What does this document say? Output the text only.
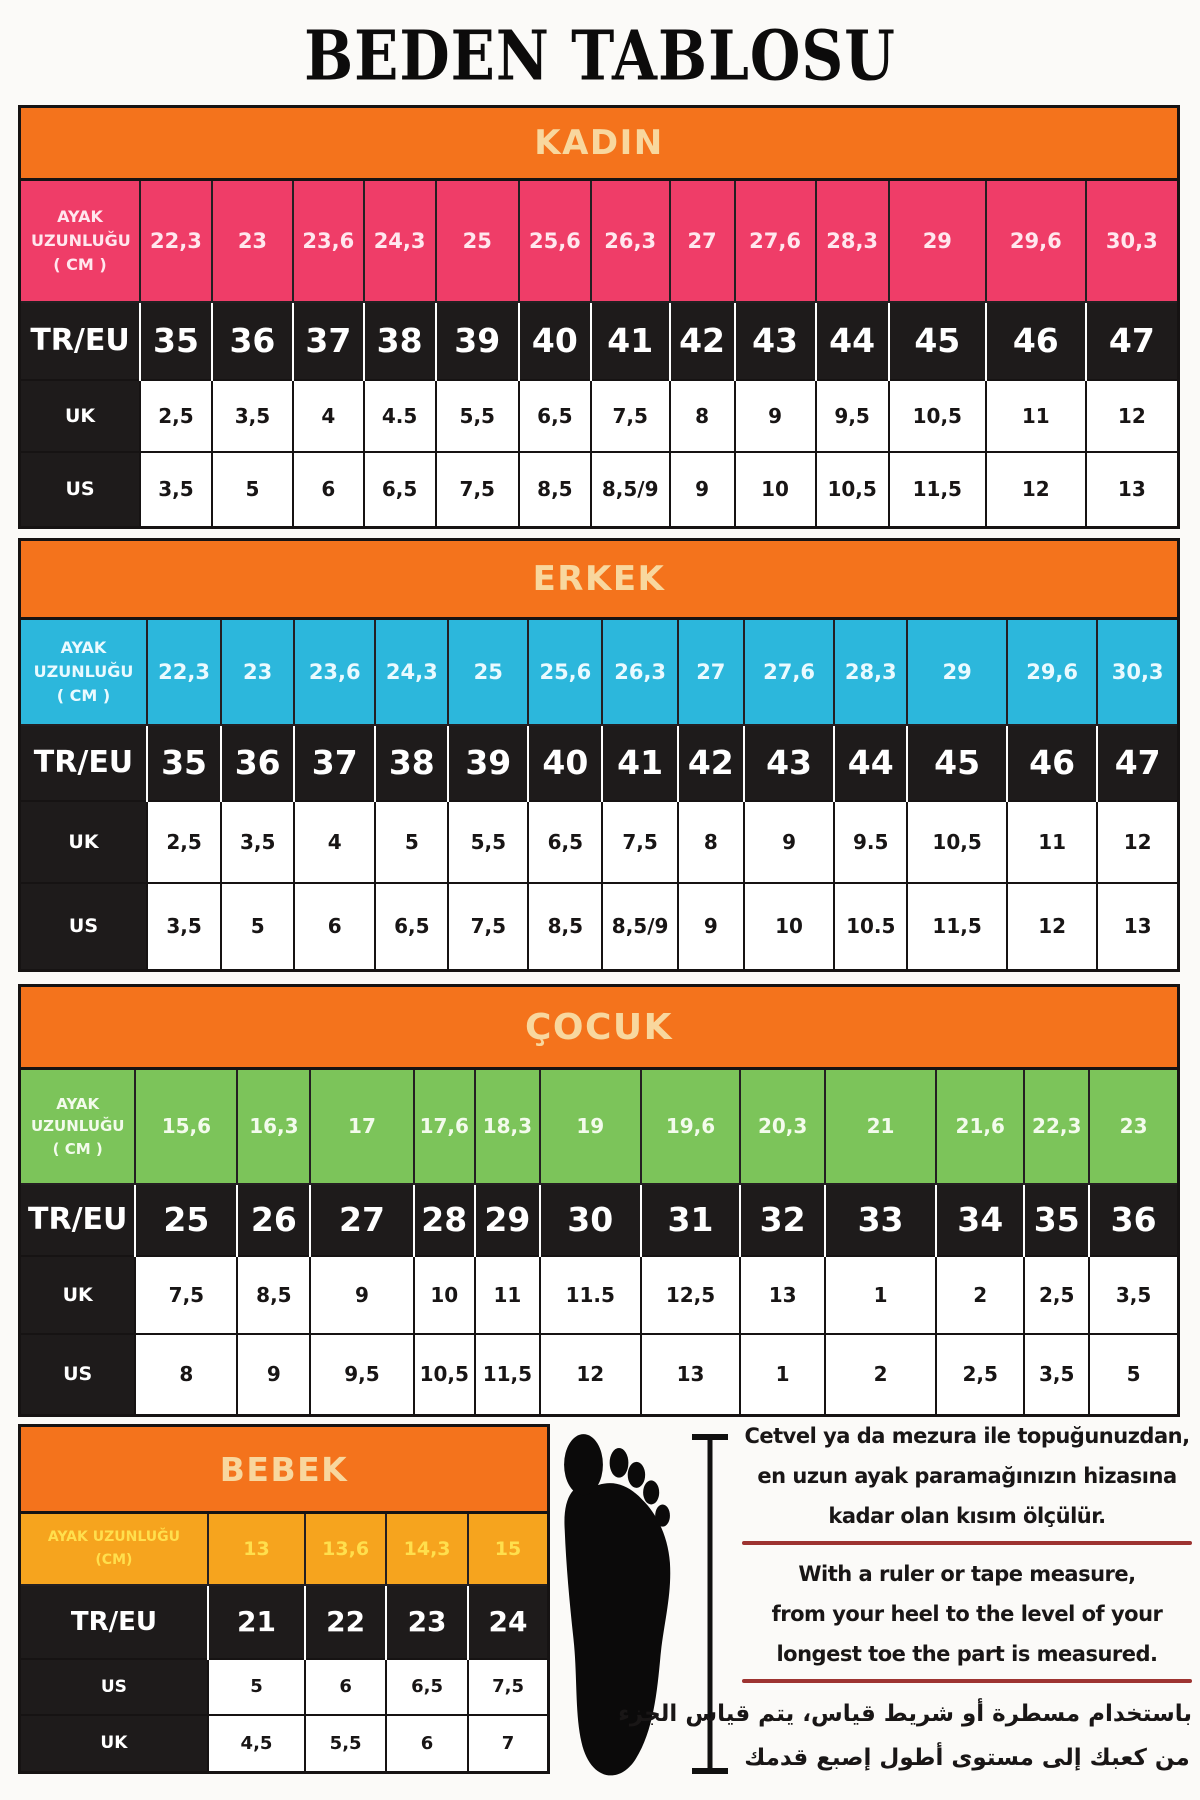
BEDEN TABLOSU
KADIN
AYAK UZUNLUĞU ( CM )	22,3	23	23,6	24,3	25	25,6	26,3	27	27,6	28,3	29	29,6	30,3
TR/EU	35	36	37	38	39	40	41	42	43	44	45	46	47
UK	2,5	3,5	4	4.5	5,5	6,5	7,5	8	9	9,5	10,5	11	12
US	3,5	5	6	6,5	7,5	8,5	8,5/9	9	10	10,5	11,5	12	13
ERKEK
AYAK UZUNLUĞU ( CM )	22,3	23	23,6	24,3	25	25,6	26,3	27	27,6	28,3	29	29,6	30,3
TR/EU	35	36	37	38	39	40	41	42	43	44	45	46	47
UK	2,5	3,5	4	5	5,5	6,5	7,5	8	9	9.5	10,5	11	12
US	3,5	5	6	6,5	7,5	8,5	8,5/9	9	10	10.5	11,5	12	13
ÇOCUK
AYAK UZUNLUĞU ( CM )	15,6	16,3	17	17,6	18,3	19	19,6	20,3	21	21,6	22,3	23
TR/EU	25	26	27	28	29	30	31	32	33	34	35	36
UK	7,5	8,5	9	10	11	11.5	12,5	13	1	2	2,5	3,5
US	8	9	9,5	10,5	11,5	12	13	1	2	2,5	3,5	5
BEBEK
AYAK UZUNLUĞU (CM)	13	13,6	14,3	15
TR/EU	21	22	23	24
US	5	6	6,5	7,5
UK	4,5	5,5	6	7
Cetvel ya da mezura ile topuğunuzdan,
en uzun ayak paramağınızın hizasına
kadar olan kısım ölçülür.
With a ruler or tape measure,
from your heel to the level of your
longest toe the part is measured.
باستخدام مسطرة أو شريط قياس، يتم قياس الجزء
من كعبك إلى مستوى أطول إصبع قدمك
